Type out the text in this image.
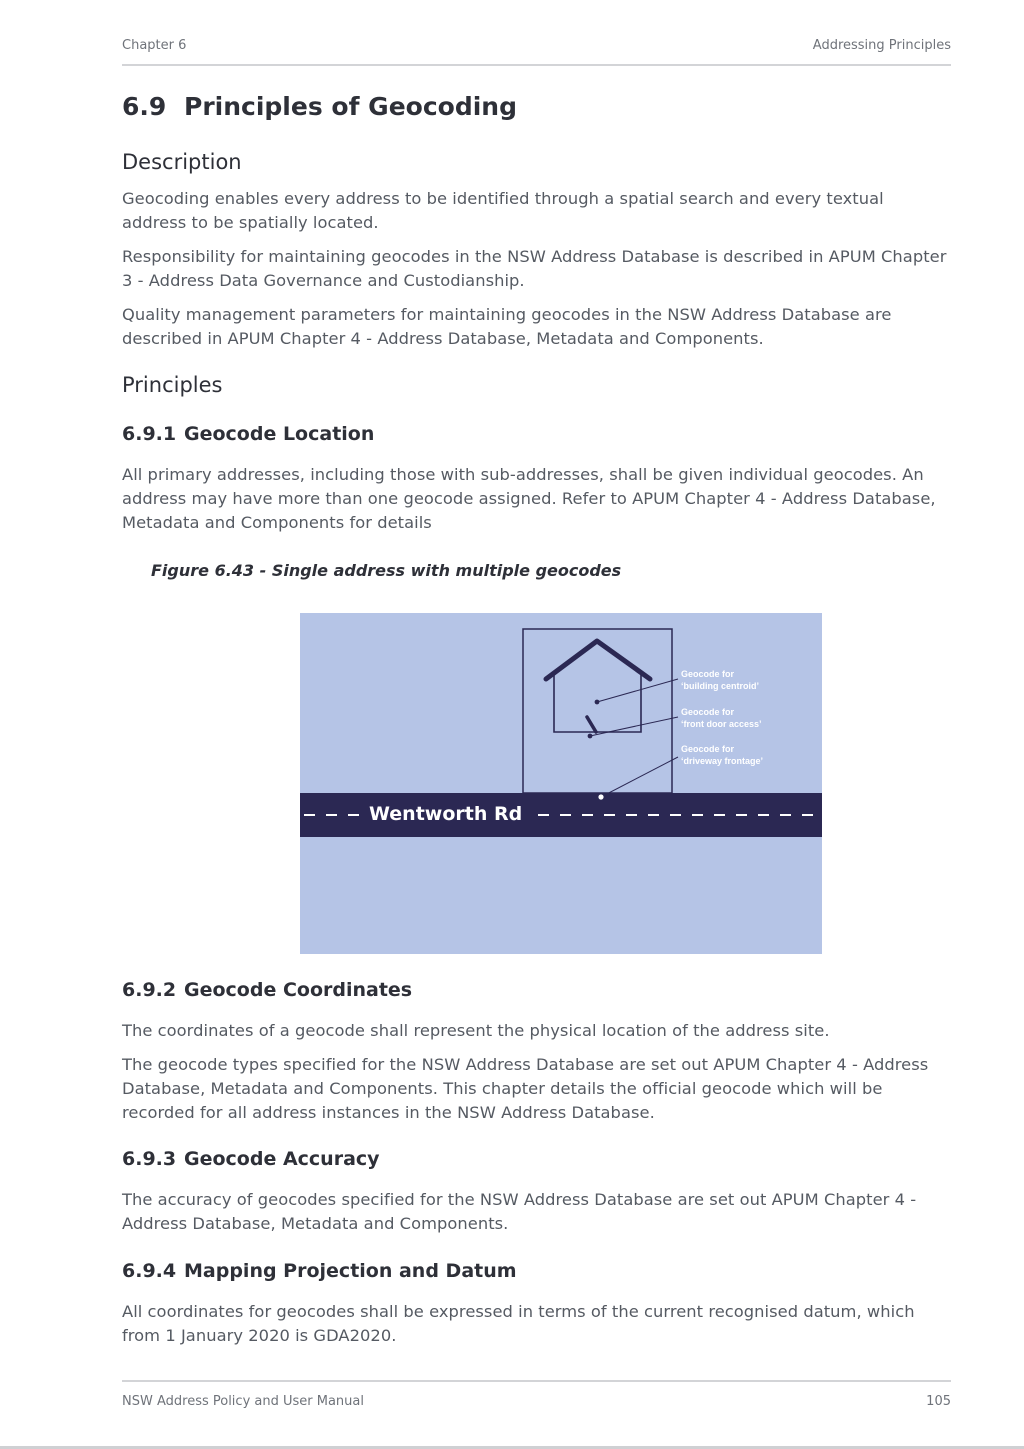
Chapter 6	Addressing Principles
6.9 Principles of Geocoding
Description

Geocoding enables every address to be identified through a spatial search and every textual address to be spatially located.

Responsibility for maintaining geocodes in the NSW Address Database is described in APUM Chapter 3 - Address Data Governance and Custodianship.

Quality management parameters for maintaining geocodes in the NSW Address Database are described in APUM Chapter 4 - Address Database, Metadata and Components.

Principles
6.9.1 Geocode Location

All primary addresses, including those with sub-addresses, shall be given individual geocodes. An address may have more than one geocode assigned. Refer to APUM Chapter 4 - Address Database, Metadata and Components for details

Figure 6.43 - Single address with multiple geocodes
6.9.2 Geocode Coordinates

The coordinates of a geocode shall represent the physical location of the address site.

The geocode types specified for the NSW Address Database are set out APUM Chapter 4 - Address Database, Metadata and Components. This chapter details the official geocode which will be recorded for all address instances in the NSW Address Database.

6.9.3 Geocode Accuracy

The accuracy of geocodes specified for the NSW Address Database are set out APUM Chapter 4 - Address Database, Metadata and Components.

6.9.4 Mapping Projection and Datum

All coordinates for geocodes shall be expressed in terms of the current recognised datum, which from 1 January 2020 is GDA2020.

Geocode for
‘building centroid’
Geocode for
‘front door access’
Geocode for
‘driveway frontage’
Wentworth Rd
NSW Address Policy and User Manual	105
